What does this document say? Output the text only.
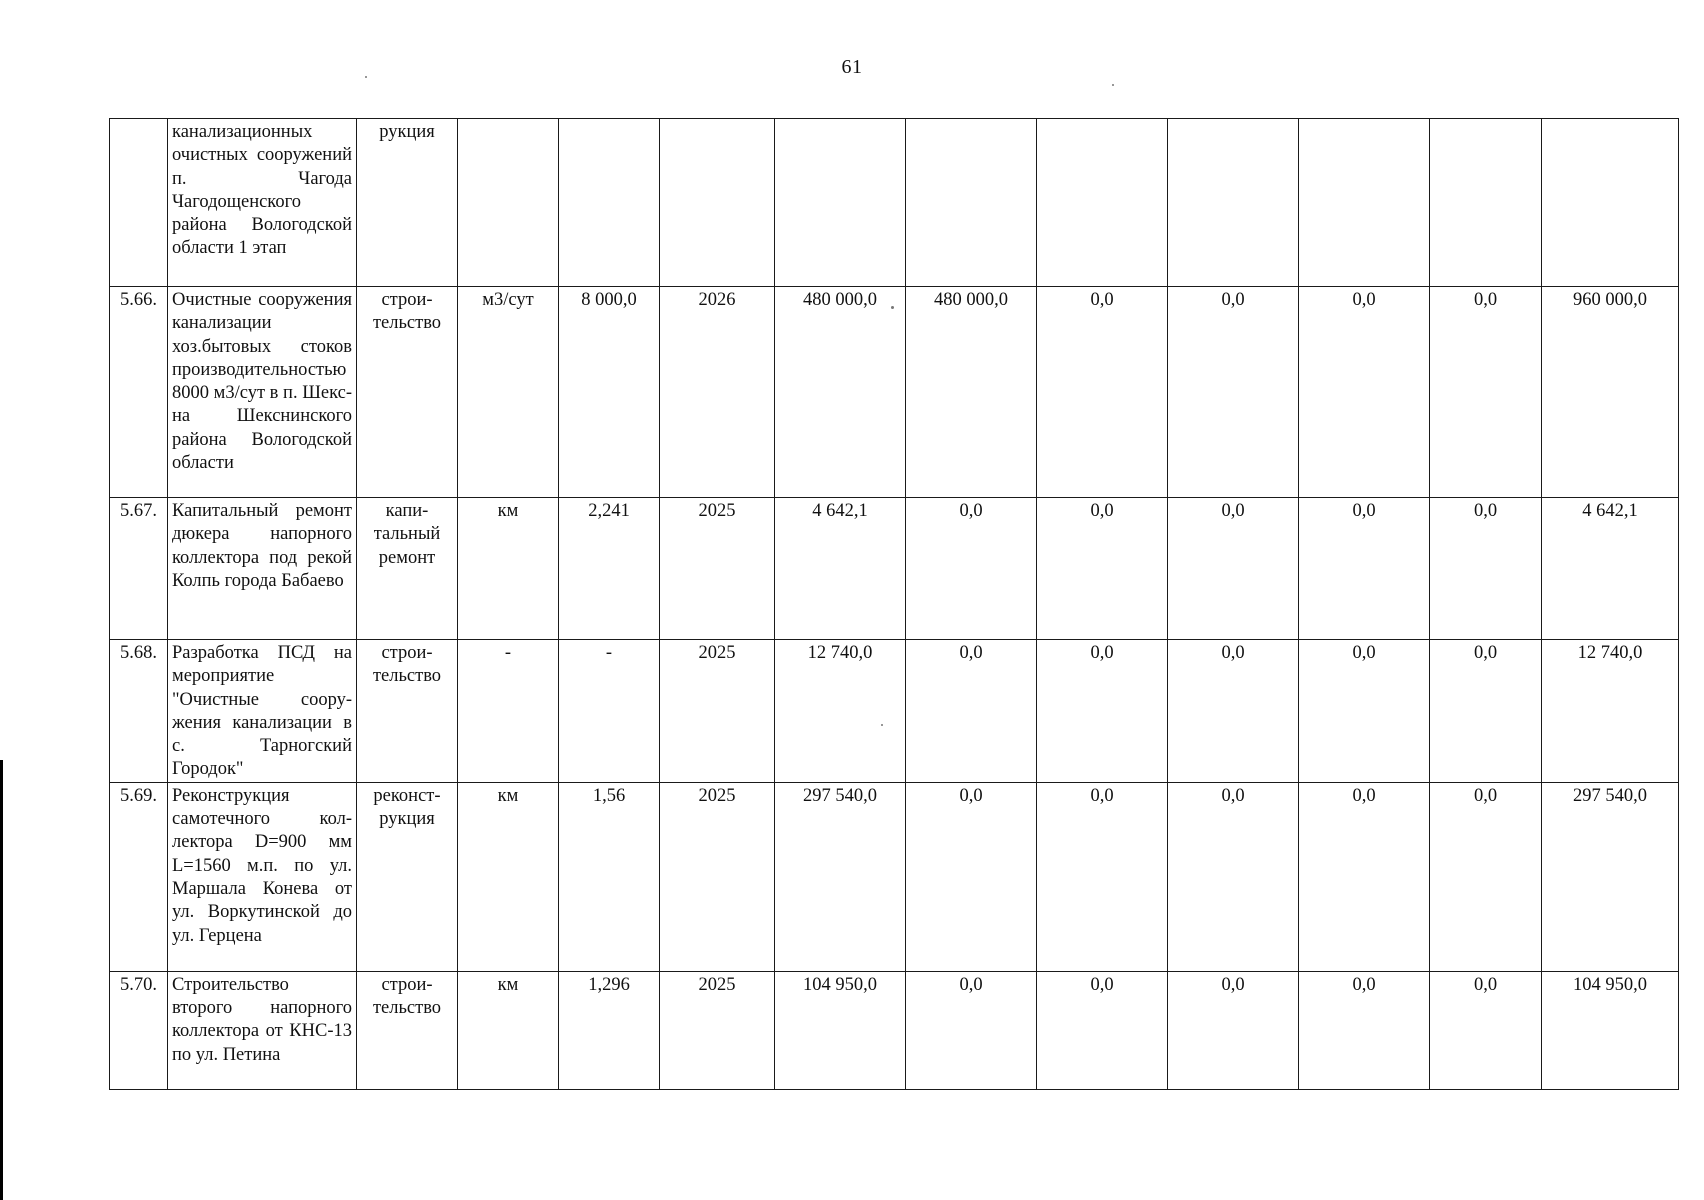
61
	канализационных очистных сооружений п. Чагода Чагодощенского района Вологодской области 1 этап	рукция										
5.66.	Очистные сооружения канализации хоз.бытовых стоков производительностью 8000 м3/сут в п. Шексна Шекснинского района Вологодской области	строительство	м3/сут	8 000,0	2026	480 000,0	480 000,0	0,0	0,0	0,0	0,0	960 000,0
5.67.	Капитальный ремонт дюкера напорного коллектора под рекой Колпь города Бабаево	капитальный ремонт	км	2,241	2025	4 642,1	0,0	0,0	0,0	0,0	0,0	4 642,1
5.68.	Разработка ПСД на мероприятие "Очистные сооружения канализации в с. Тарногский Городок"	строительство	-	-	2025	12 740,0	0,0	0,0	0,0	0,0	0,0	12 740,0
5.69.	Реконструкция самотечного коллектора D=900 мм L=1560 м.п. по ул. Маршала Конева от ул. Воркутинской до ул. Герцена	реконструкция	км	1,56	2025	297 540,0	0,0	0,0	0,0	0,0	0,0	297 540,0
5.70.	Строительство второго напорного коллектора от КНС-13 по ул. Петина	строительство	км	1,296	2025	104 950,0	0,0	0,0	0,0	0,0	0,0	104 950,0
